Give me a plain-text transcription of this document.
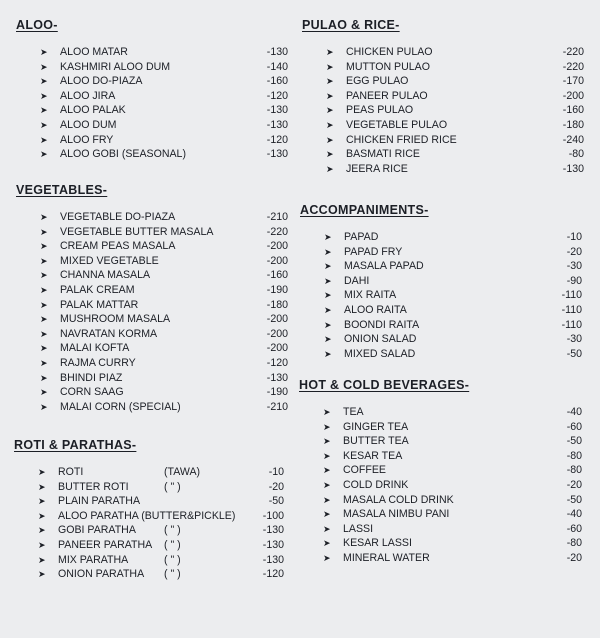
ALOO-
➤ ALOO MATAR	-130
➤ KASHMIRI ALOO DUM	-140
➤ ALOO DO-PIAZA	-160
➤ ALOO JIRA	-120
➤ ALOO PALAK	-130
➤ ALOO DUM	-130
➤ ALOO FRY	-120
➤ ALOO GOBI (SEASONAL)	-130
VEGETABLES-
➤ VEGETABLE DO-PIAZA	-210
➤ VEGETABLE BUTTER MASALA	-220
➤ CREAM PEAS MASALA	-200
➤ MIXED VEGETABLE	-200
➤ CHANNA MASALA	-160
➤ PALAK CREAM	-190
➤ PALAK MATTAR	-180
➤ MUSHROOM MASALA	-200
➤ NAVRATAN KORMA	-200
➤ MALAI KOFTA	-200
➤ RAJMA CURRY	-120
➤ BHINDI PIAZ	-130
➤ CORN SAAG	-190
➤ MALAI CORN (SPECIAL)	-210
ROTI & PARATHAS-
➤ ROTI	(TAWA)	-10
➤ BUTTER ROTI	( " )	-20
➤ PLAIN PARATHA	-50
➤ ALOO PARATHA (BUTTER&PICKLE)	-100
➤ GOBI PARATHA	( " )	-130
➤ PANEER PARATHA ( " )	-130
➤ MIX PARATHA	( " )	-130
➤ ONION PARATHA ( " )	-120
PULAO & RICE-
➤ CHICKEN PULAO	-220
➤ MUTTON PULAO	-220
➤ EGG PULAO	-170
➤ PANEER PULAO	-200
➤ PEAS PULAO	-160
➤ VEGETABLE PULAO	-180
➤ CHICKEN FRIED RICE	-240
➤ BASMATI RICE	-80
➤ JEERA RICE	-130
ACCOMPANIMENTS-
➤ PAPAD	-10
➤ PAPAD FRY	-20
➤ MASALA PAPAD	-30
➤ DAHI	-90
➤ MIX RAITA	-110
➤ ALOO RAITA	-110
➤ BOONDI RAITA	-110
➤ ONION SALAD	-30
➤ MIXED SALAD	-50
HOT & COLD BEVERAGES-
➤ TEA	-40
➤ GINGER TEA	-60
➤ BUTTER TEA	-50
➤ KESAR TEA	-80
➤ COFFEE	-80
➤ COLD DRINK	-20
➤ MASALA COLD DRINK	-50
➤ MASALA NIMBU PANI	-40
➤ LASSI	-60
➤ KESAR LASSI	-80
➤ MINERAL WATER	-20
